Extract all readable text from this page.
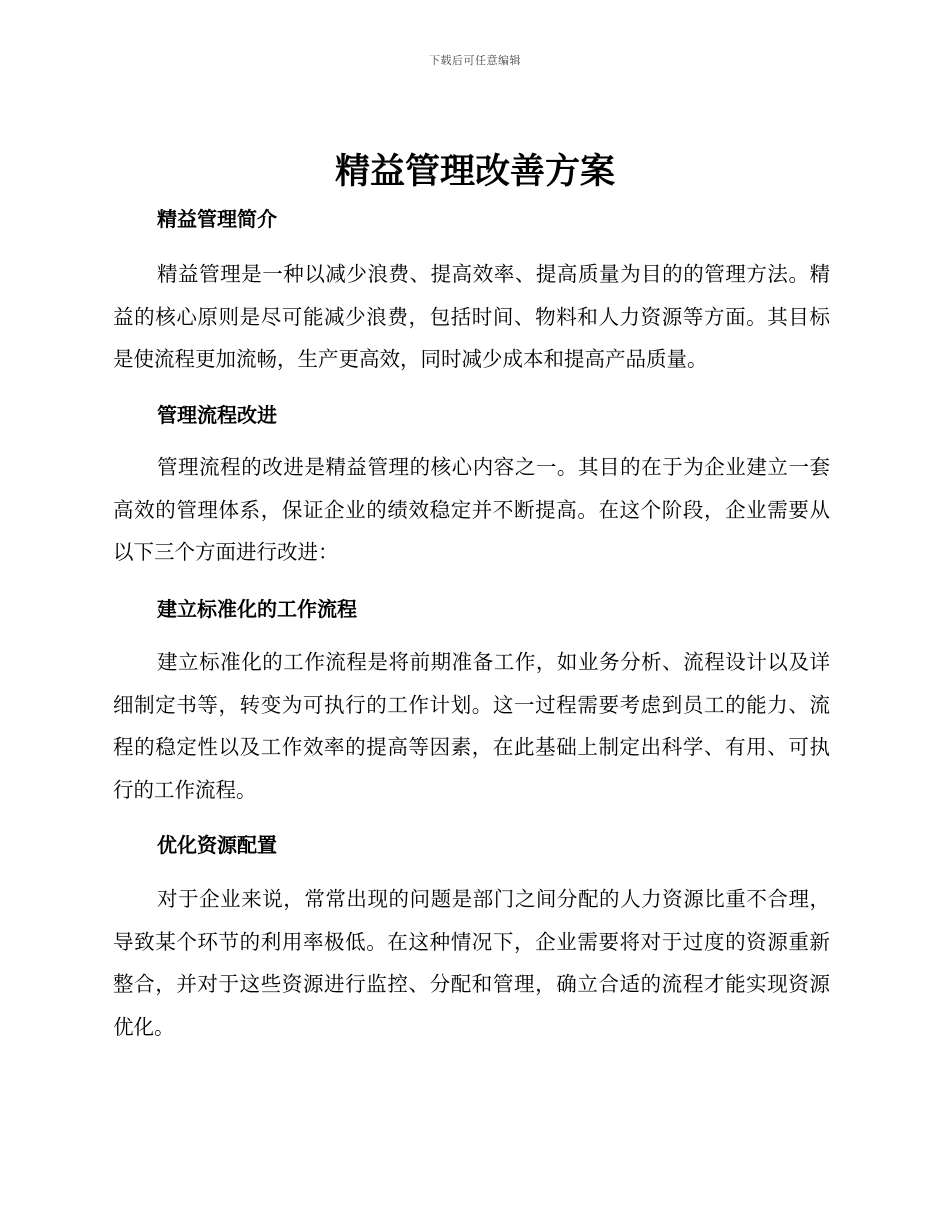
下载后可任意编辑
精益管理改善方案
精益管理简介

精益管理是一种以减少浪费、提高效率、提高质量为目的的管理方法。精益的核心原则是尽可能减少浪费，包括时间、物料和人力资源等方面。其目标是使流程更加流畅，生产更高效，同时减少成本和提高产品质量。

管理流程改进

管理流程的改进是精益管理的核心内容之一。其目的在于为企业建立一套高效的管理体系，保证企业的绩效稳定并不断提高。在这个阶段，企业需要从以下三个方面进行改进：

建立标准化的工作流程

建立标准化的工作流程是将前期准备工作，如业务分析、流程设计以及详细制定书等，转变为可执行的工作计划。这一过程需要考虑到员工的能力、流程的稳定性以及工作效率的提高等因素，在此基础上制定出科学、有用、可执行的工作流程。

优化资源配置

对于企业来说，常常出现的问题是部门之间分配的人力资源比重不合理，导致某个环节的利用率极低。在这种情况下，企业需要将对于过度的资源重新整合，并对于这些资源进行监控、分配和管理，确立合适的流程才能实现资源优化。
